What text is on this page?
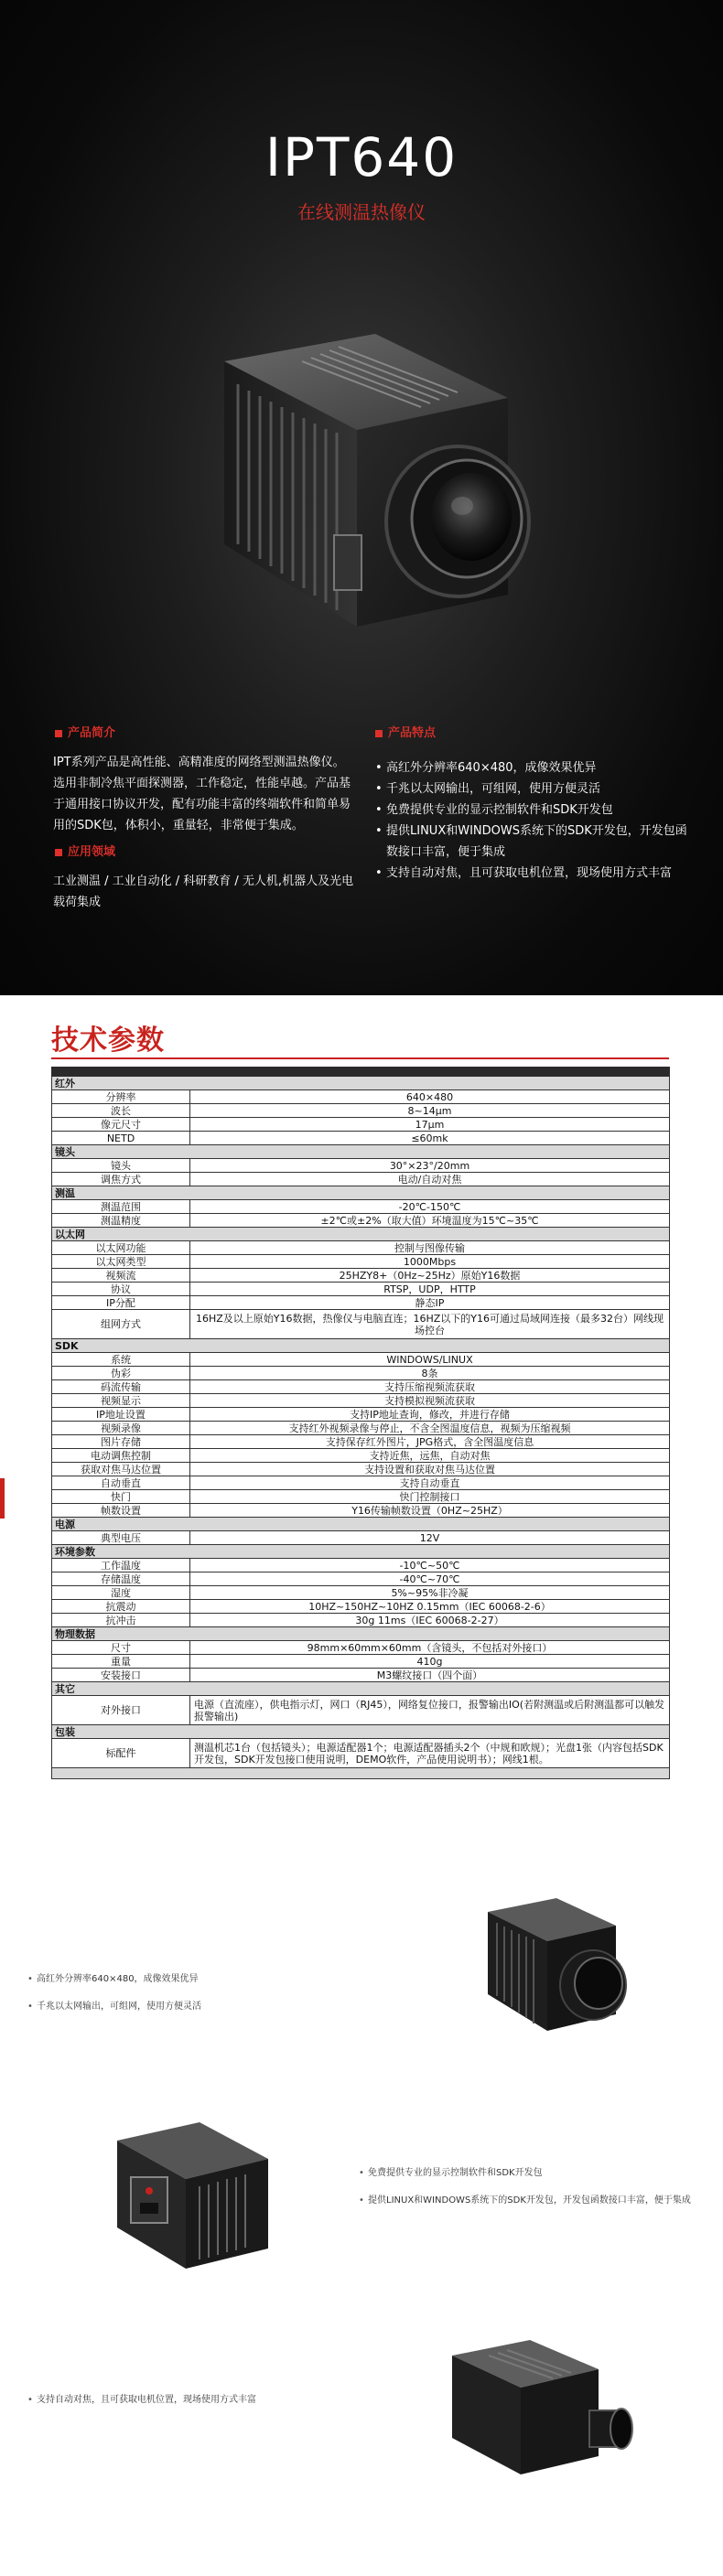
IPT640
在线测温热像仪
产品简介
IPT系列产品是高性能、高精准度的网络型测温热像仪。选用非制冷焦平面探测器，工作稳定，性能卓越。产品基于通用接口协议开发，配有功能丰富的终端软件和简单易用的SDK包，体积小，重量轻，非常便于集成。
应用领域
工业测温 / 工业自动化 / 科研教育 / 无人机,机器人及光电载荷集成
产品特点
• 高红外分辨率640×480，成像效果优异
• 千兆以太网输出，可组网，使用方便灵活
• 免费提供专业的显示控制软件和SDK开发包
• 提供LINUX和WINDOWS系统下的SDK开发包，开发包函数接口丰富，便于集成
• 支持自动对焦，且可获取电机位置，现场使用方式丰富
技术参数

红外	
分辨率	640×480
波长	8~14μm
像元尺寸	17μm
NETD	≤60mk
镜头	
镜头	30°×23°/20mm
调焦方式	电动/自动对焦
测温	
测温范围	-20℃-150℃
测温精度	±2℃或±2%（取大值）环境温度为15℃~35℃
以太网	
以太网功能	控制与图像传输
以太网类型	1000Mbps
视频流	25HZY8+（0Hz~25Hz）原始Y16数据
协议	RTSP，UDP，HTTP
IP分配	静态IP
组网方式	16HZ及以上原始Y16数据，热像仪与电脑直连；16HZ以下的Y16可通过局域网连接（最多32台）网线现场控台
SDK	
系统	WINDOWS/LINUX
伪彩	8条
码流传输	支持压缩视频流获取
视频显示	支持模拟视频流获取
IP地址设置	支持IP地址查询，修改，并进行存储
视频录像	支持红外视频录像与停止，不含全图温度信息，视频为压缩视频
图片存储	支持保存红外图片，JPG格式，含全图温度信息
电动调焦控制	支持近焦，远焦，自动对焦
获取对焦马达位置	支持设置和获取对焦马达位置
自动垂直	支持自动垂直
快门	快门控制接口
帧数设置	Y16传输帧数设置（0HZ~25HZ）
电源	
典型电压	12V
环境参数	
工作温度	-10℃~50℃
存储温度	-40℃~70℃
湿度	5%~95%非冷凝
抗震动	10HZ~150HZ~10HZ 0.15mm（IEC 60068-2-6）
抗冲击	30g 11ms（IEC 60068-2-27）
物理数据	
尺寸	98mm×60mm×60mm（含镜头，不包括对外接口）
重量	410g
安装接口	M3螺纹接口（四个面）
其它	
对外接口	电源（直流座），供电指示灯，网口（RJ45），网络复位接口，报警输出IO(若附测温或后附测温都可以触发报警输出)
包装	
标配件	测温机芯1台（包括镜头）；电源适配器1个；电源适配器插头2个（中规和欧规）；光盘1张（内容包括SDK开发包，SDK开发包接口使用说明，DEMO软件，产品使用说明书）；网线1根。

• 高红外分辨率640×480，成像效果优异
• 千兆以太网输出，可组网，使用方便灵活
• 免费提供专业的显示控制软件和SDK开发包
• 提供LINUX和WINDOWS系统下的SDK开发包，开发包函数接口丰富，便于集成
• 支持自动对焦，且可获取电机位置，现场使用方式丰富
